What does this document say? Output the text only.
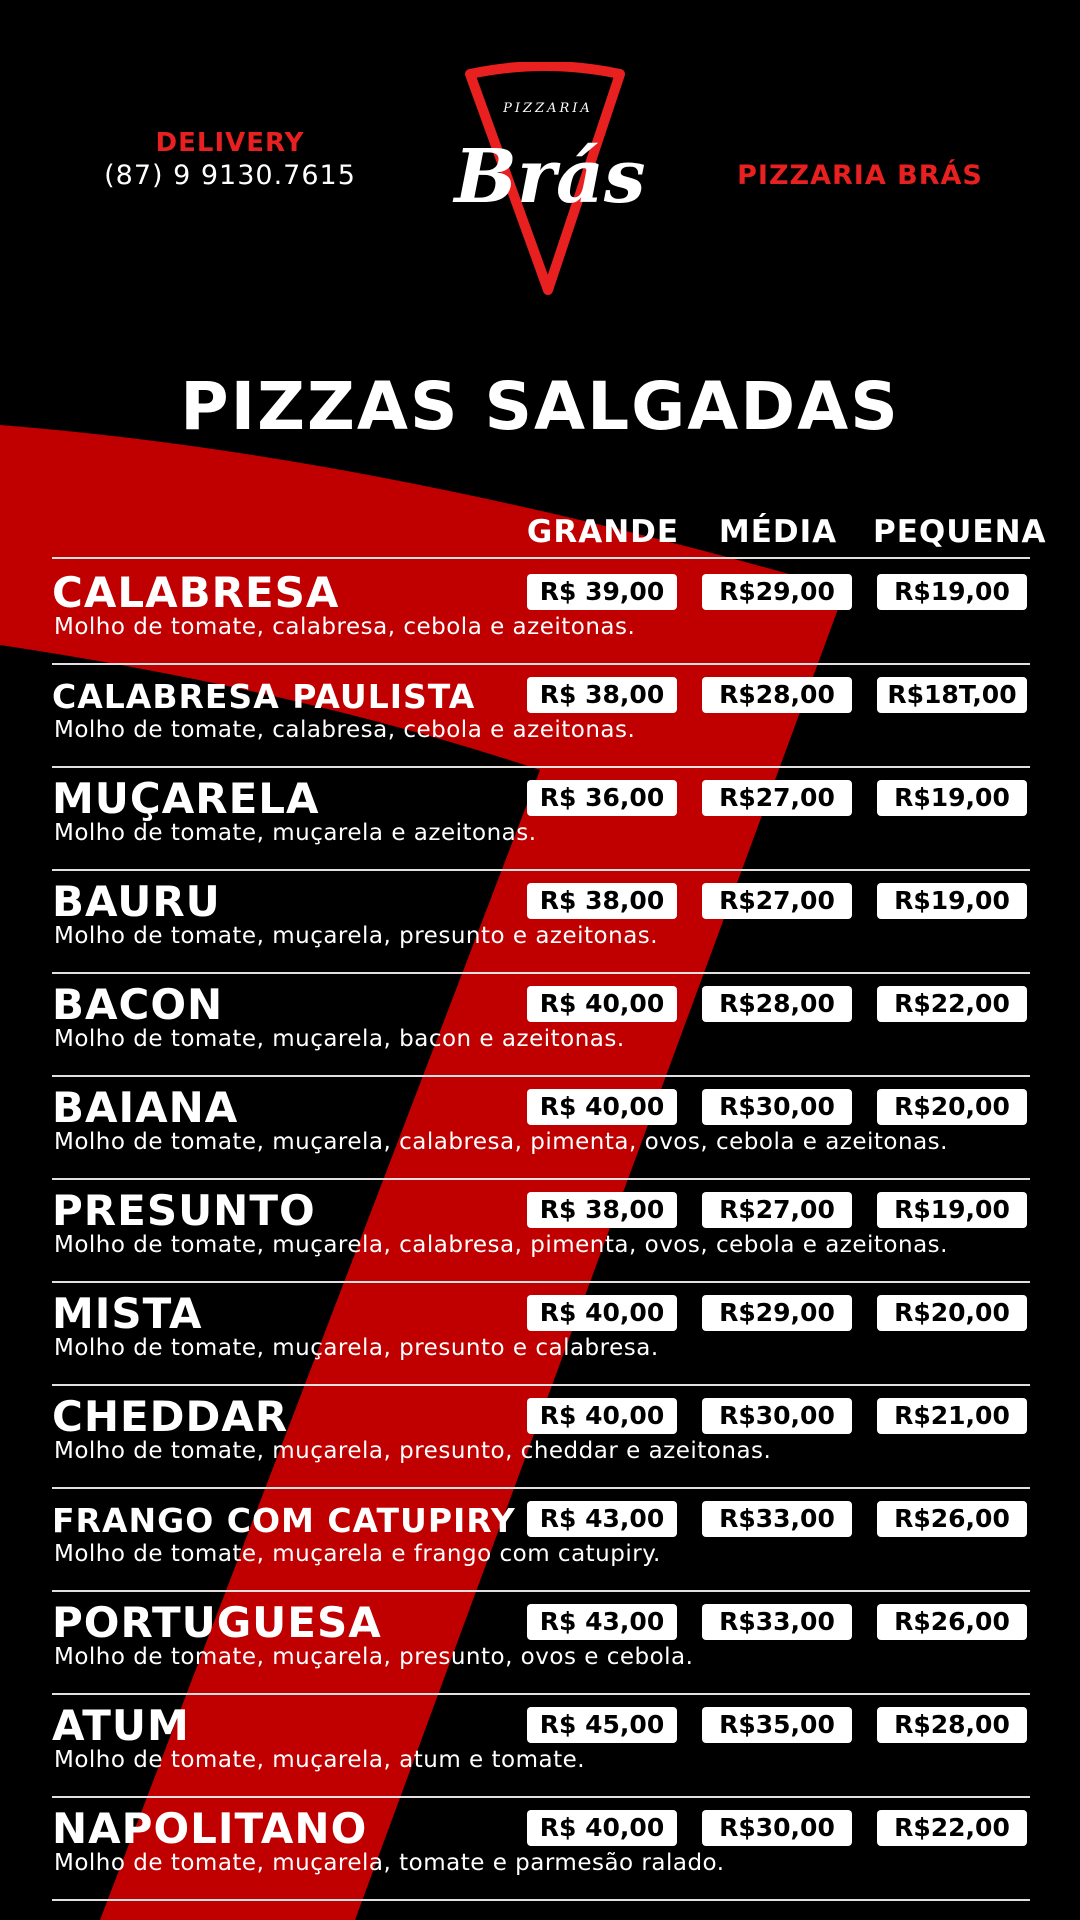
DELIVERY
(87) 9 9130.7615	PIZZARIA BRÁS
PIZZARIA
Brás
PIZZAS SALGADAS
GRANDE	MÉDIA	PEQUENA
CALABRESA	R$ 39,00	R$29,00	R$19,00
Molho de tomate, calabresa, cebola e azeitonas.
CALABRESA PAULISTA	R$ 38,00	R$28,00	R$18T,00
Molho de tomate, calabresa, cebola e azeitonas.
MUÇARELA	R$ 36,00	R$27,00	R$19,00
Molho de tomate, muçarela e azeitonas.
BAURU	R$ 38,00	R$27,00	R$19,00
Molho de tomate, muçarela, presunto e azeitonas.
BACON	R$ 40,00	R$28,00	R$22,00
Molho de tomate, muçarela, bacon e azeitonas.
BAIANA	R$ 40,00	R$30,00	R$20,00
Molho de tomate, muçarela, calabresa, pimenta, ovos, cebola e azeitonas.
PRESUNTO	R$ 38,00	R$27,00	R$19,00
Molho de tomate, muçarela, calabresa, pimenta, ovos, cebola e azeitonas.
MISTA	R$ 40,00	R$29,00	R$20,00
Molho de tomate, muçarela, presunto e calabresa.
CHEDDAR	R$ 40,00	R$30,00	R$21,00
Molho de tomate, muçarela, presunto, cheddar e azeitonas.
FRANGO COM CATUPIRY R$ 43,00	R$33,00	R$26,00
Molho de tomate, muçarela e frango com catupiry.
PORTUGUESA	R$ 43,00	R$33,00	R$26,00
Molho de tomate, muçarela, presunto, ovos e cebola.
ATUM	R$ 45,00	R$35,00	R$28,00
Molho de tomate, muçarela, atum e tomate.
NAPOLITANO	R$ 40,00	R$30,00	R$22,00
Molho de tomate, muçarela, tomate e parmesão ralado.
